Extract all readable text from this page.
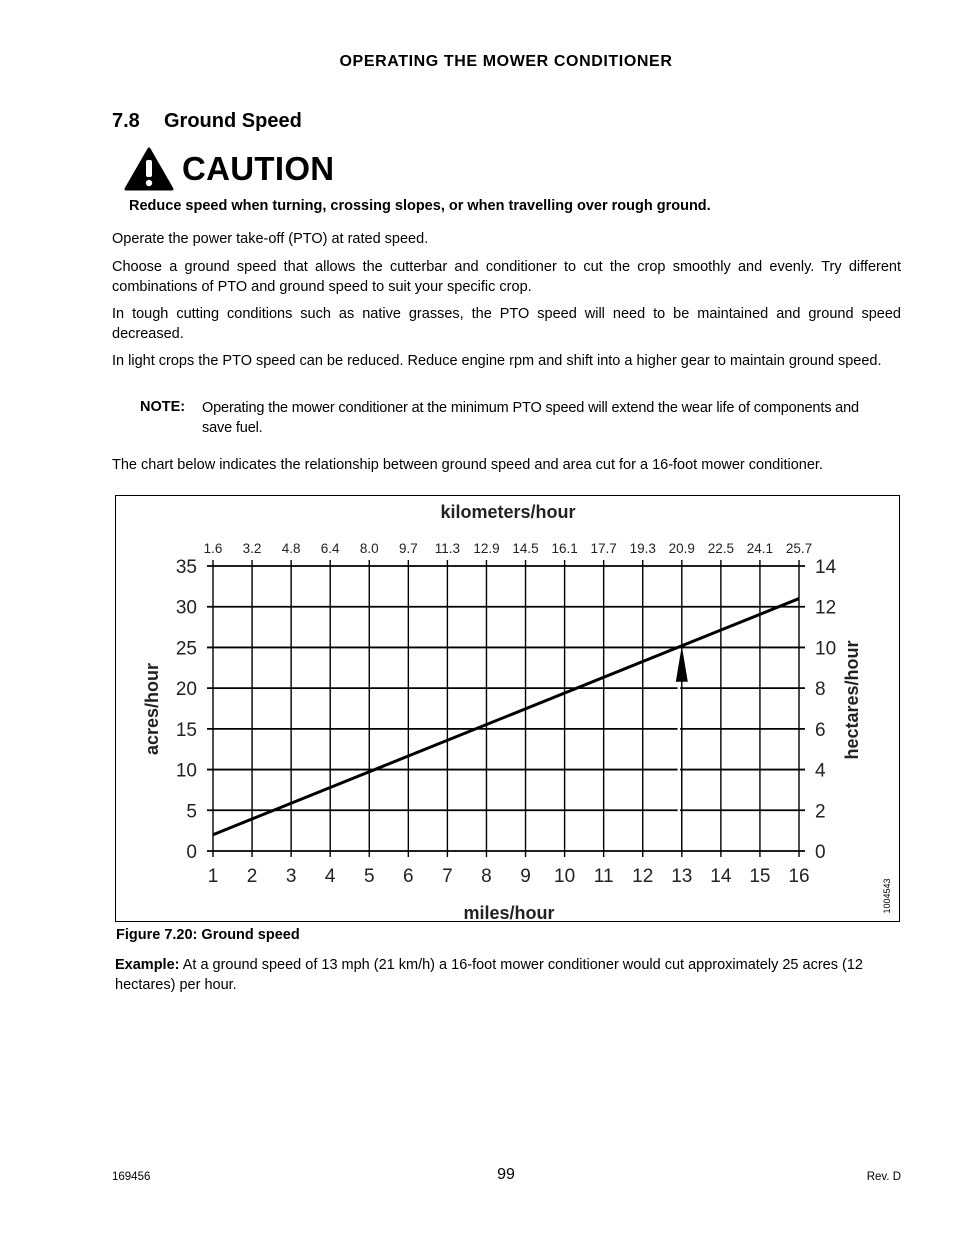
OPERATING THE MOWER CONDITIONER
7.8 Ground Speed
CAUTION
Reduce speed when turning, crossing slopes, or when travelling over rough ground.
Operate the power take-off (PTO) at rated speed.
Choose a ground speed that allows the cutterbar and conditioner to cut the crop smoothly and evenly. Try different combinations of PTO and ground speed to suit your specific crop.
In tough cutting conditions such as native grasses, the PTO speed will need to be maintained and ground speed decreased.
In light crops the PTO speed can be reduced. Reduce engine rpm and shift into a higher gear to maintain ground speed.
NOTE: Operating the mower conditioner at the minimum PTO speed will extend the wear life of components and save fuel.
The chart below indicates the relationship between ground speed and area cut for a 16-foot mower conditioner.
1 2 3 4 5 6 7 8 9 10 11 12 13 14 15 16
1.6 3.2 4.8 6.4 8.0 9.7 11.3 12.9 14.5 16.1 17.7 19.3 20.9 22.5 24.1 25.7
0
5
10
15
20
25
30
35
0
2
4
6
8
10
12
14
kilometers/hour
miles/hour
acres/hour	hectares/hour
1004543
Figure 7.20: Ground speed
Example: At a ground speed of 13 mph (21 km/h) a 16-foot mower conditioner would cut approximately 25 acres (12 hectares) per hour.
169456	99	Rev. D
